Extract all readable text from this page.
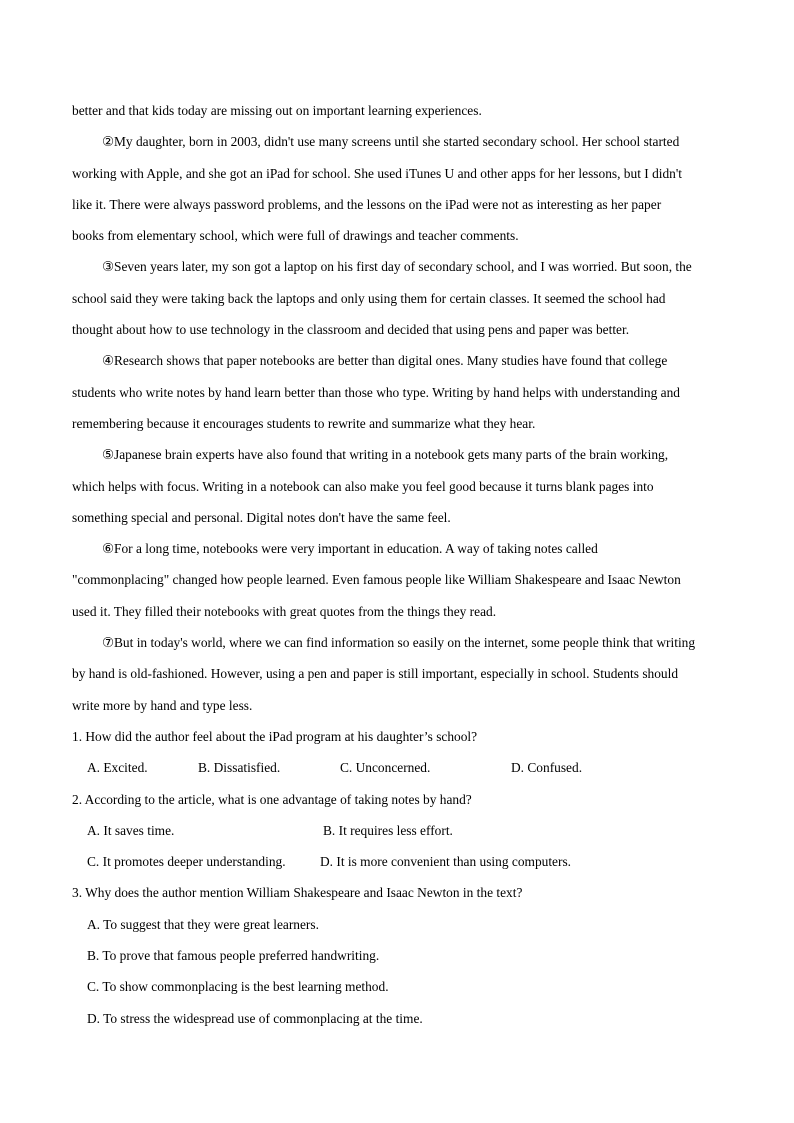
better and that kids today are missing out on important learning experiences.
②My daughter, born in 2003, didn't use many screens until she started secondary school. Her school started
working with Apple, and she got an iPad for school. She used iTunes U and other apps for her lessons, but I didn't
like it. There were always password problems, and the lessons on the iPad were not as interesting as her paper
books from elementary school, which were full of drawings and teacher comments.
③Seven years later, my son got a laptop on his first day of secondary school, and I was worried. But soon, the
school said they were taking back the laptops and only using them for certain classes. It seemed the school had
thought about how to use technology in the classroom and decided that using pens and paper was better.
④Research shows that paper notebooks are better than digital ones. Many studies have found that college
students who write notes by hand learn better than those who type. Writing by hand helps with understanding and
remembering because it encourages students to rewrite and summarize what they hear.
⑤Japanese brain experts have also found that writing in a notebook gets many parts of the brain working,
which helps with focus. Writing in a notebook can also make you feel good because it turns blank pages into
something special and personal. Digital notes don't have the same feel.
⑥For a long time, notebooks were very important in education. A way of taking notes called
"commonplacing" changed how people learned. Even famous people like William Shakespeare and Isaac Newton
used it. They filled their notebooks with great quotes from the things they read.
⑦But in today's world, where we can find information so easily on the internet, some people think that writing
by hand is old-fashioned. However, using a pen and paper is still important, especially in school. Students should
write more by hand and type less.
1. How did the author feel about the iPad program at his daughter’s school?
A. Excited.	B. Dissatisfied.	C. Unconcerned.	D. Confused.
2. According to the article, what is one advantage of taking notes by hand?
A. It saves time.	B. It requires less effort.
C. It promotes deeper understanding.	D. It is more convenient than using computers.
3. Why does the author mention William Shakespeare and Isaac Newton in the text?
A. To suggest that they were great learners.
B. To prove that famous people preferred handwriting.
C. To show commonplacing is the best learning method.
D. To stress the widespread use of commonplacing at the time.
